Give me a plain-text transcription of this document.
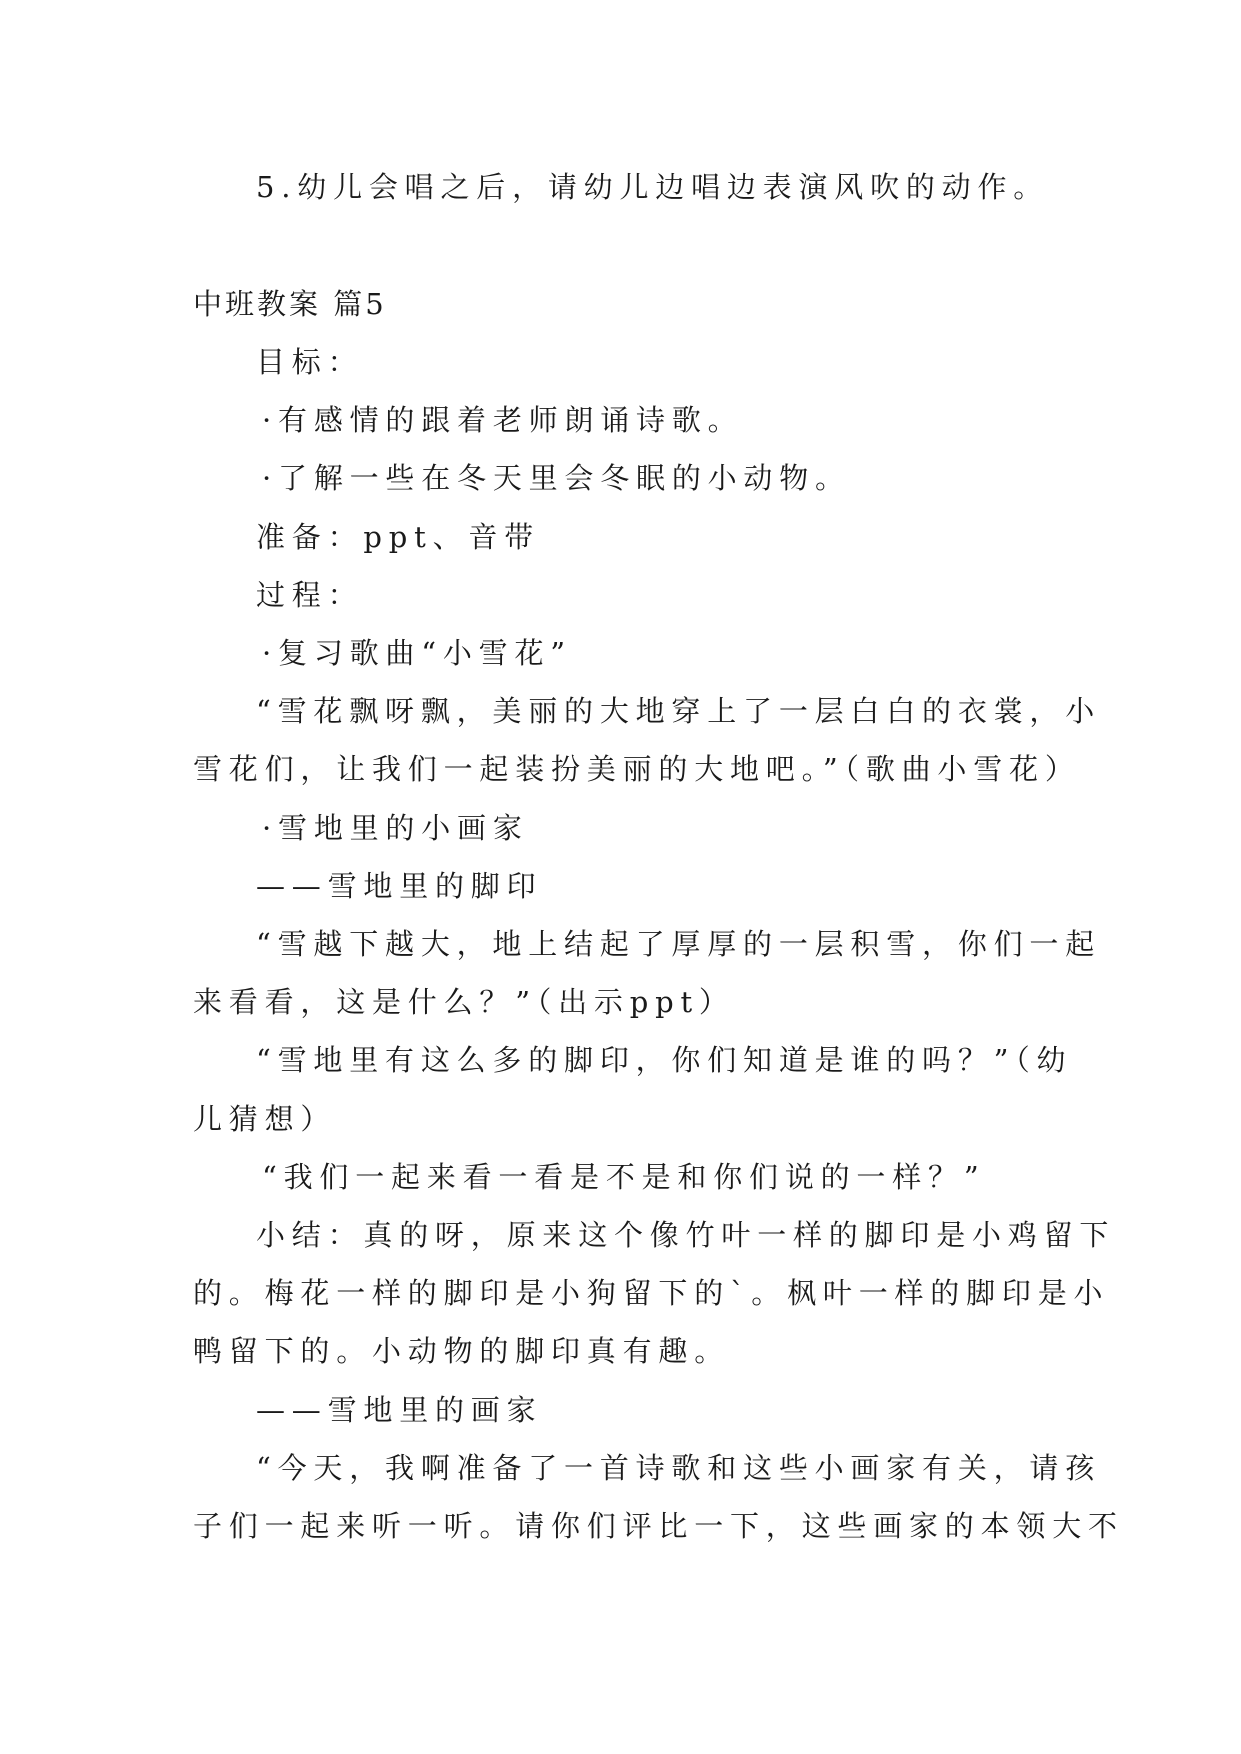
5.幼儿会唱之后，请幼儿边唱边表演风吹的动作。
中班教案 篇5
目标：
·有感情的跟着老师朗诵诗歌。
·了解一些在冬天里会冬眠的小动物。
准备：ppt、音带
过程：
·复习歌曲“小雪花”
“雪花飘呀飘，美丽的大地穿上了一层白白的衣裳，小
雪花们，让我们一起装扮美丽的大地吧。”（歌曲小雪花）
·雪地里的小画家
——雪地里的脚印
“雪越下越大，地上结起了厚厚的一层积雪，你们一起
来看看，这是什么？”（出示ppt）
“雪地里有这么多的脚印，你们知道是谁的吗？”（幼
儿猜想）
“我们一起来看一看是不是和你们说的一样？”
小结：真的呀，原来这个像竹叶一样的脚印是小鸡留下
的。梅花一样的脚印是小狗留下的`。枫叶一样的脚印是小
鸭留下的。小动物的脚印真有趣。
——雪地里的画家
“今天，我啊准备了一首诗歌和这些小画家有关，请孩
子们一起来听一听。请你们评比一下，这些画家的本领大不
